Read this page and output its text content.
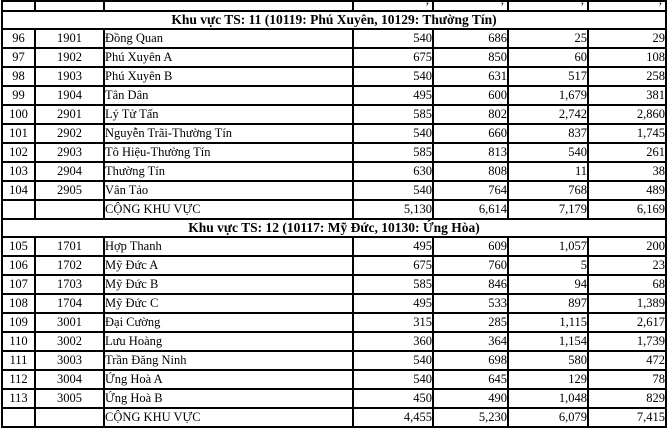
			,	,	,	,

Khu vực TS: 11 (10119: Phú Xuyên, 10129: Thường Tín)						
96	1901	Đồng Quan	540	686	25	29
97	1902	Phú Xuyên A	675	850	60	108
98	1903	Phú Xuyên B	540	631	517	258
99	1904	Tân Dân	495	600	1,679	381
100	2901	Lý Tử Tấn	585	802	2,742	2,860
101	2902	Nguyễn Trãi-Thường Tín	540	660	837	1,745
102	2903	Tô Hiệu-Thường Tín	585	813	540	261
103	2904	Thường Tín	630	808	11	38
104	2905	Vân Tảo	540	764	768	489
		CỘNG KHU VỰC	5,130	6,614	7,179	6,169
Khu vực TS: 12 (10117: Mỹ Đức, 10130: Ứng Hòa)						
105	1701	Hợp Thanh	495	609	1,057	200
106	1702	Mỹ Đức A	675	760	5	23
107	1703	Mỹ Đức B	585	846	94	68
108	1704	Mỹ Đức C	495	533	897	1,389
109	3001	Đại Cường	315	285	1,115	2,617
110	3002	Lưu Hoàng	360	364	1,154	1,739
111	3003	Trần Đăng Ninh	540	698	580	472
112	3004	Ứng Hoà A	540	645	129	78
113	3005	Ứng Hoà B	450	490	1,048	829
		CỘNG KHU VỰC	4,455	5,230	6,079	7,415
